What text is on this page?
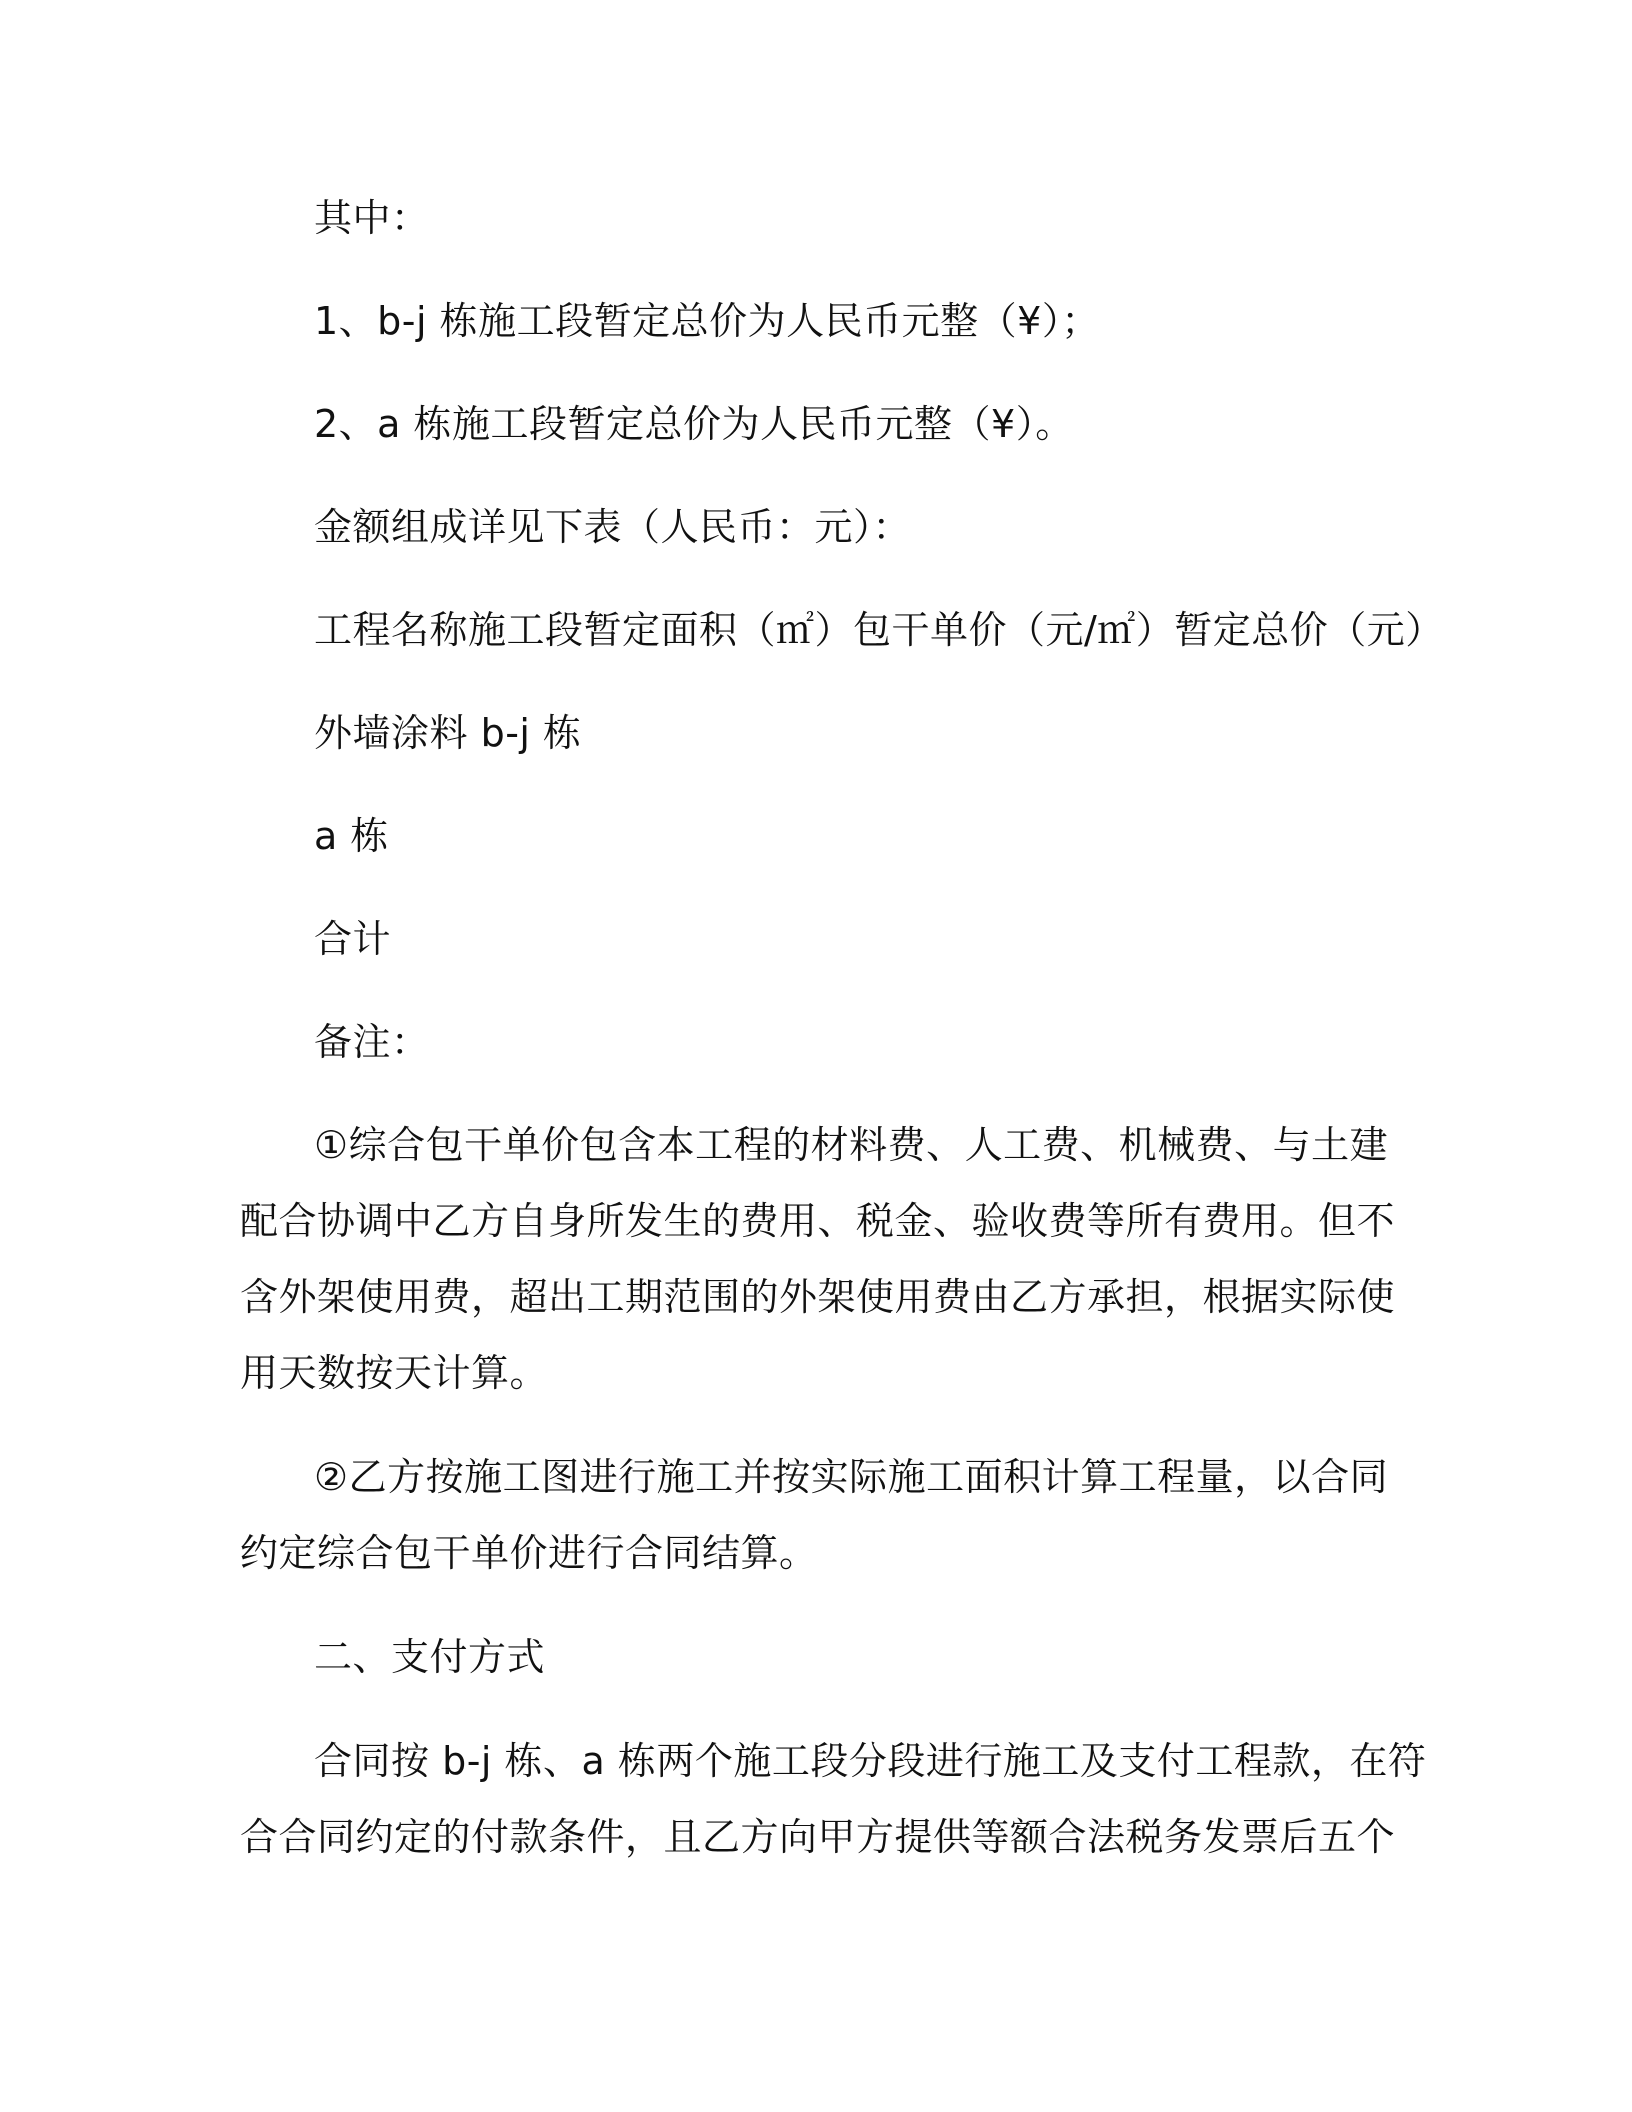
其中：

1、b-j 栋施工段暂定总价为人民币元整（¥）；

2、a 栋施工段暂定总价为人民币元整（¥）。

金额组成详见下表（人民币：元）：

工程名称施工段暂定面积（㎡）包干单价（元/㎡）暂定总价（元）

外墙涂料 b-j 栋

a 栋

合计

备注：

①综合包干单价包含本工程的材料费、人工费、机械费、与土建

配合协调中乙方自身所发生的费用、税金、验收费等所有费用。但不

含外架使用费，超出工期范围的外架使用费由乙方承担，根据实际使

用天数按天计算。

②乙方按施工图进行施工并按实际施工面积计算工程量，以合同

约定综合包干单价进行合同结算。

二、支付方式

合同按 b-j 栋、a 栋两个施工段分段进行施工及支付工程款，在符

合合同约定的付款条件，且乙方向甲方提供等额合法税务发票后五个
